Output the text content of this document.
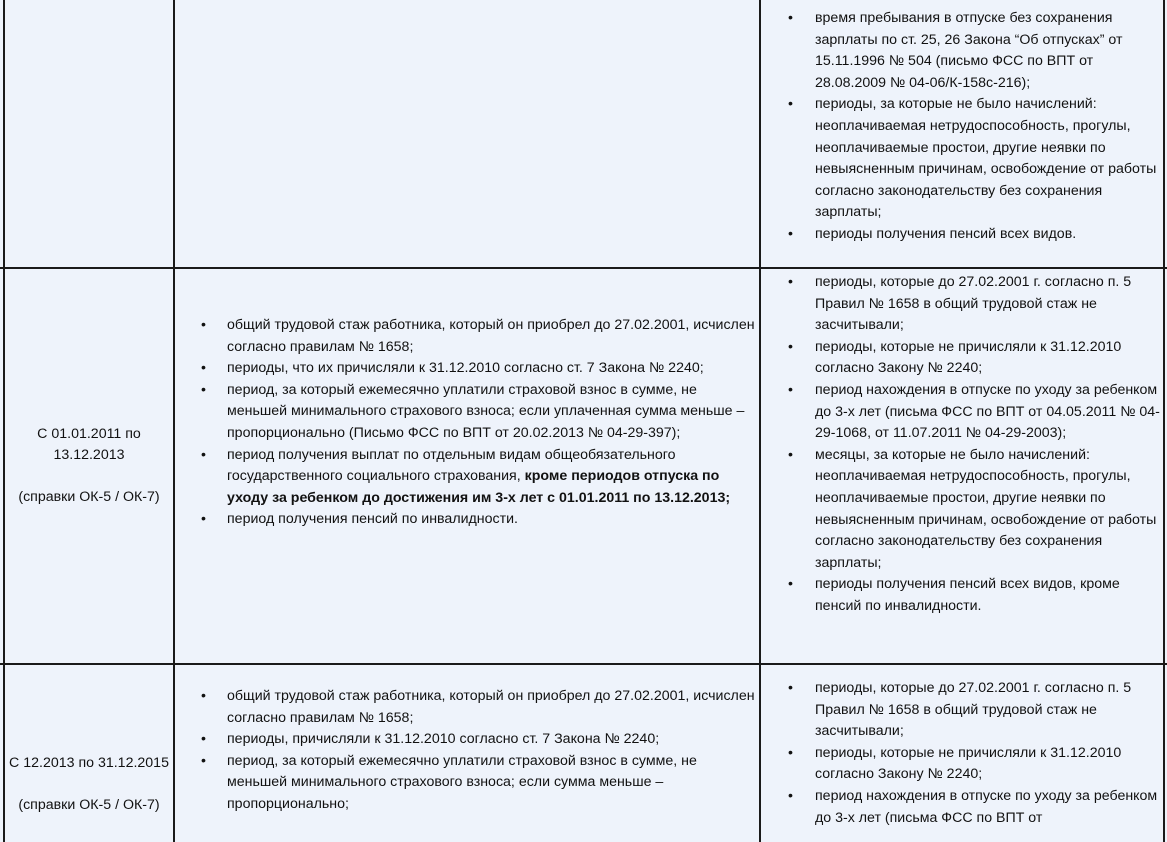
• время пребывания в отпуске без сохранения зарплаты по ст. 25, 26 Закона “Об отпусках” от 15.11.1996 № 504 (письмо ФСС по ВПТ от 28.08.2009 № 04-06/К-158с-216);
• периоды, за которые не было начислений: неоплачиваемая нетрудоспособность, прогулы, неоплачиваемые простои, другие неявки по невыясненным причинам, освобождение от работы согласно законодательству без сохранения зарплаты;
• периоды получения пенсий всех видов.
С 01.01.2011 по 13.12.2013
(справки ОК-5 / ОК-7)
• общий трудовой стаж работника, который он приобрел до 27.02.2001, исчислен согласно правилам № 1658;
• периоды, что их причисляли к 31.12.2010 согласно ст. 7 Закона № 2240;
• период, за который ежемесячно уплатили страховой взнос в сумме, не меньшей минимального страхового взноса; если уплаченная сумма меньше – пропорционально (Письмо ФСС по ВПТ от 20.02.2013 № 04-29-397);
• период получения выплат по отдельным видам общеобязательного государственного социального страхования, кроме периодов отпуска по уходу за ребенком до достижения им 3-х лет с 01.01.2011 по 13.12.2013;
• период получения пенсий по инвалидности.
• периоды, которые до 27.02.2001 г. согласно п. 5 Правил № 1658 в общий трудовой стаж не засчитывали;
• периоды, которые не причисляли к 31.12.2010 согласно Закону № 2240;
• период нахождения в отпуске по уходу за ребенком до 3-х лет (письма ФСС по ВПТ от 04.05.2011 № 04-29-1068, от 11.07.2011 № 04-29-2003);
• месяцы, за которые не было начислений: неоплачиваемая нетрудоспособность, прогулы, неоплачиваемые простои, другие неявки по невыясненным причинам, освобождение от работы согласно законодательству без сохранения зарплаты;
• периоды получения пенсий всех видов, кроме пенсий по инвалидности.
С 12.2013 по 31.12.2015
(справки ОК-5 / ОК-7)
• общий трудовой стаж работника, который он приобрел до 27.02.2001, исчислен согласно правилам № 1658;
• периоды, причисляли к 31.12.2010 согласно ст. 7 Закона № 2240;
• период, за который ежемесячно уплатили страховой взнос в сумме, не меньшей минимального страхового взноса; если сумма меньше – пропорционально;
• периоды, которые до 27.02.2001 г. согласно п. 5 Правил № 1658 в общий трудовой стаж не засчитывали;
• периоды, которые не причисляли к 31.12.2010 согласно Закону № 2240;
• период нахождения в отпуске по уходу за ребенком до 3-х лет (письма ФСС по ВПТ от
